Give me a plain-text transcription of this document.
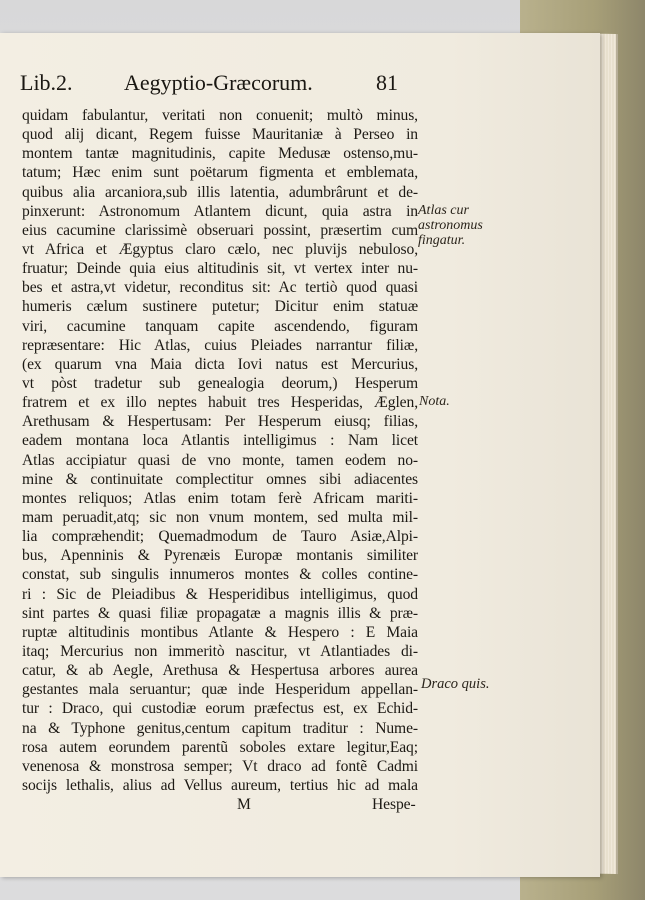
Lib.2. Aegyptio-Græcorum.	81
quidam fabulantur, veritati non conuenit; multò minus,
quod alij dicant, Regem fuisse Mauritaniæ à Perseo in
montem tantæ magnitudinis, capite Medusæ ostenso,mu-
tatum; Hæc enim sunt poëtarum figmenta et emblemata,
quibus alia arcaniora,sub illis latentia, adumbrârunt et de-
pinxerunt: Astronomum Atlantem dicunt, quia astra in
eius cacumine clarissimè obseruari possint, præsertim cum
vt Africa et Ægyptus claro cælo, nec pluvijs nebuloso,
fruatur; Deinde quia eius altitudinis sit, vt vertex inter nu-
bes et astra,vt videtur, reconditus sit: Ac tertiò quod quasi
humeris cælum sustinere putetur; Dicitur enim statuæ
viri, cacumine tanquam capite ascendendo, figuram
repræsentare: Hic Atlas, cuius Pleiades narrantur filiæ,
(ex quarum vna Maia dicta Iovi natus est Mercurius,
vt pòst tradetur sub genealogia deorum,) Hesperum
fratrem et ex illo neptes habuit tres Hesperidas, Æglen,
Arethusam & Hespertusam: Per Hesperum eiusq; filias,
eadem montana loca Atlantis intelligimus : Nam licet
Atlas accipiatur quasi de vno monte, tamen eodem no-
mine & continuitate complectitur omnes sibi adiacentes
montes reliquos; Atlas enim totam ferè Africam mariti-
mam peruadit,atq; sic non vnum montem, sed multa mil-
lia compræhendit; Quemadmodum de Tauro Asiæ,Alpi-
bus, Apenninis & Pyrenæis Europæ montanis similiter
constat, sub singulis innumeros montes & colles contine-
ri : Sic de Pleiadibus & Hesperidibus intelligimus, quod
sint partes & quasi filiæ propagatæ a magnis illis & præ-
ruptæ altitudinis montibus Atlante & Hespero : E Maia
itaq; Mercurius non immeritò nascitur, vt Atlantiades di-
catur, & ab Aegle, Arethusa & Hespertusa arbores aurea
gestantes mala seruantur; quæ inde Hesperidum appellan-
tur : Draco, qui custodiæ eorum præfectus est, ex Echid-
na & Typhone genitus,centum capitum traditur : Nume-
rosa autem eorundem parentũ soboles extare legitur,Eaq;
venenosa & monstrosa semper; Vt draco ad fontẽ Cadmi
socijs lethalis, alius ad Vellus aureum, tertius hic ad mala
M	Hespe-
Atlas cur
astronomus
fingatur.
Nota.
Draco quis.
